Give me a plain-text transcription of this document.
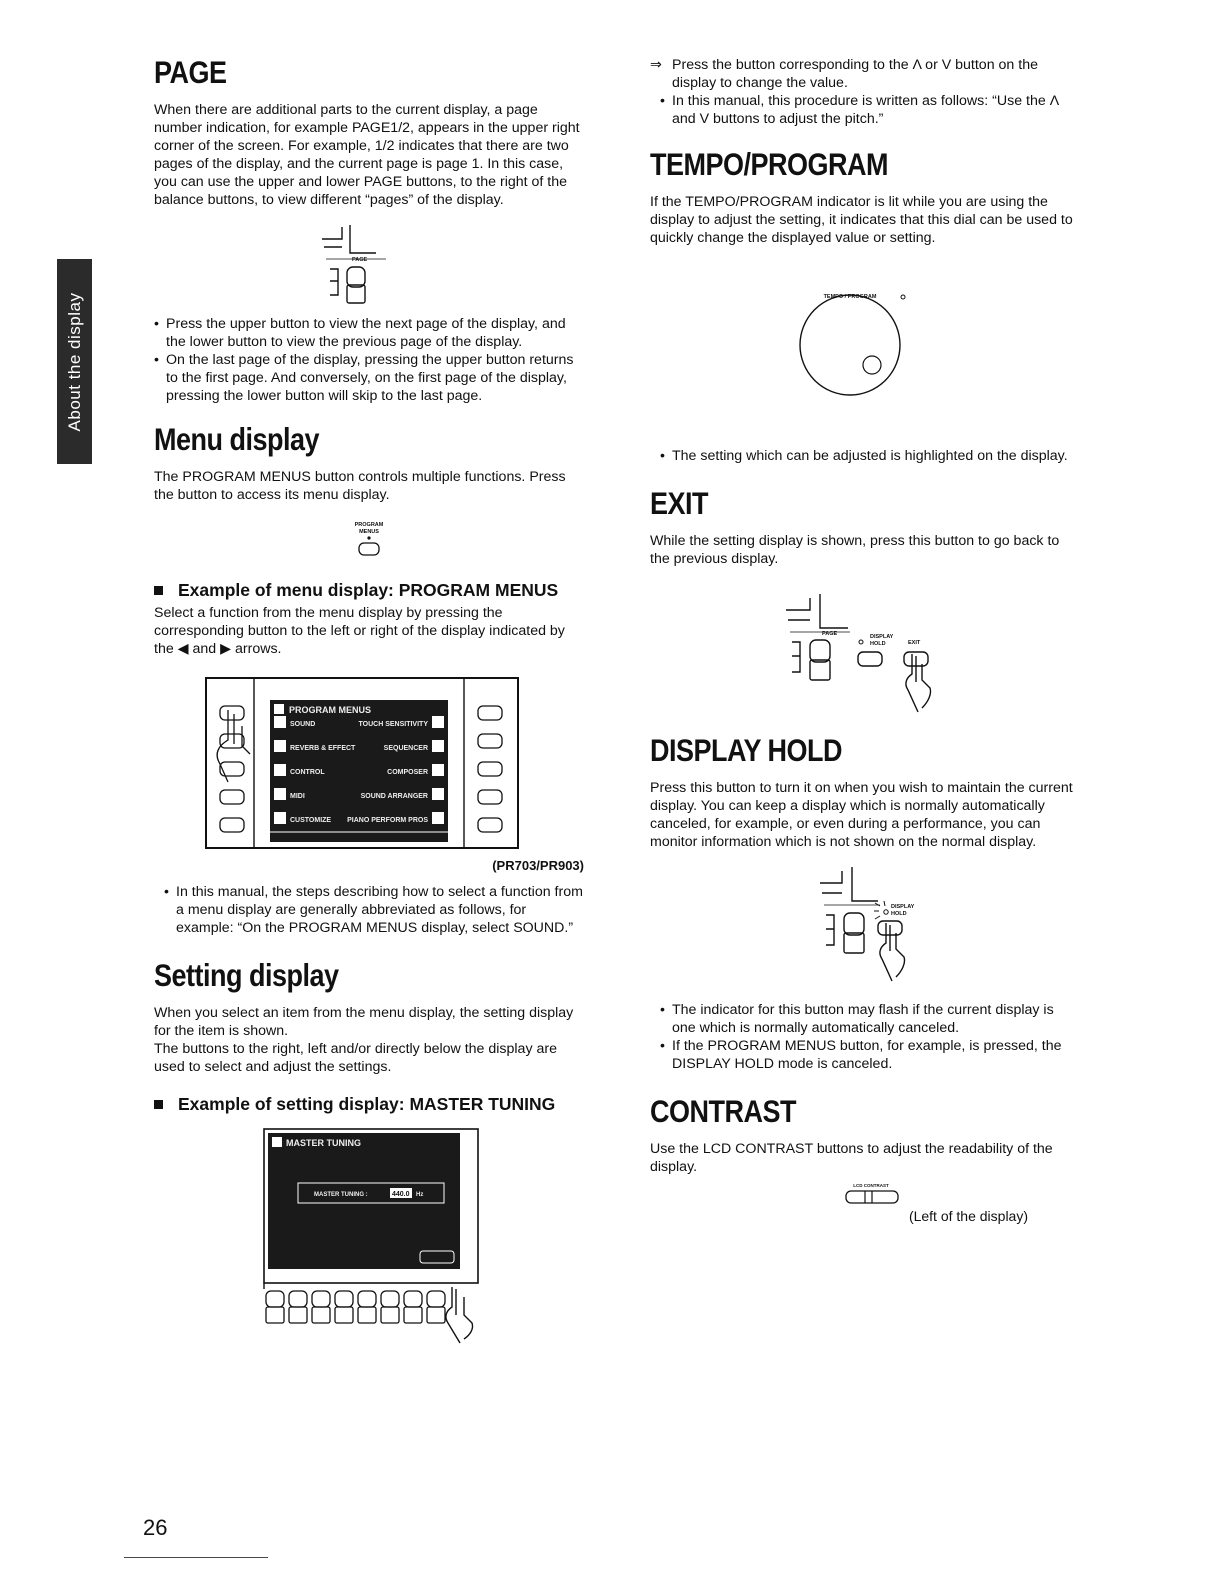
About the display
PAGE

When there are additional parts to the current display, a page number indication, for example PAGE1/2, appears in the upper right corner of the screen. For example, 1/2 indicates that there are two pages of the display, and the current page is page 1. In this case, you can use the upper and lower PAGE buttons, to the right of the balance buttons, to view different “pages” of the display.

PAGE
• Press the upper button to view the next page of the display, and the lower button to view the previous page of the display.
• On the last page of the display, pressing the upper button returns to the first page. And conversely, on the first page of the display, pressing the lower button will skip to the last page.
Menu display

The PROGRAM MENUS button controls multiple functions. Press the button to access its menu display.

PROGRAM
MENUS
Example of menu display: PROGRAM MENUS

Select a function from the menu display by pressing the corresponding button to the left or right of the display indicated by the ◀ and ▶ arrows.

PROGRAM MENUS
SOUND
REVERB & EFFECT
CONTROL
MIDI
CUSTOMIZE
TOUCH SENSITIVITY
SEQUENCER
COMPOSER
SOUND ARRANGER
PIANO PERFORM PROS
(PR703/PR903)
• In this manual, the steps describing how to select a function from a menu display are generally abbreviated as follows, for example: “On the PROGRAM MENUS display, select SOUND.”
Setting display

When you select an item from the menu display, the setting display for the item is shown.

The buttons to the right, left and/or directly below the display are used to select and adjust the settings.

Example of setting display: MASTER TUNING
MASTER TUNING
MASTER TUNING :	440.0 Hz

⇒ Press the button corresponding to the Λ or V button on the display to change the value.

• In this manual, this procedure is written as follows: “Use the Λ and V buttons to adjust the pitch.”
TEMPO/PROGRAM

If the TEMPO/PROGRAM indicator is lit while you are using the display to adjust the setting, it indicates that this dial can be used to quickly change the displayed value or setting.

TEMPO / PROGRAM
• The setting which can be adjusted is highlighted on the display.
EXIT

While the setting display is shown, press this button to go back to the previous display.

PAGE	DISPLAY
HOLD	EXIT
DISPLAY HOLD

Press this button to turn it on when you wish to maintain the current display. You can keep a display which is normally automatically canceled, for example, or even during a performance, you can monitor information which is not shown on the normal display.

DISPLAY
HOLD
• The indicator for this button may flash if the current display is one which is normally automatically canceled.
• If the PROGRAM MENUS button, for example, is pressed, the DISPLAY HOLD mode is canceled.
CONTRAST

Use the LCD CONTRAST buttons to adjust the readability of the display.

LCD CONTRAST
(Left of the display)
26
